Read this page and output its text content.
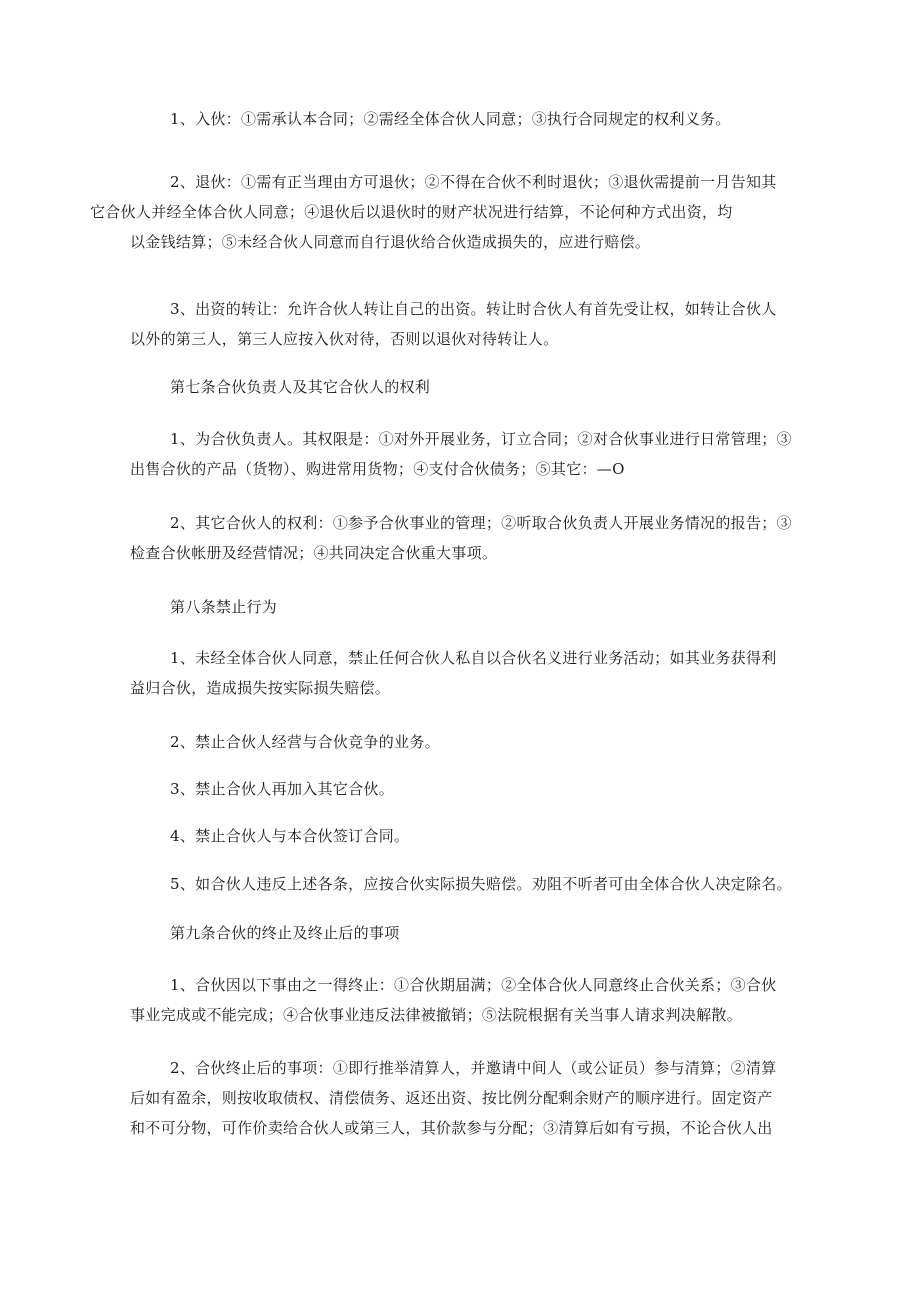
1、入伙：①需承认本合同；②需经全体合伙人同意；③执行合同规定的权利义务。

2、退伙：①需有正当理由方可退伙；②不得在合伙不利时退伙；③退伙需提前一月告知其
它合伙人并经全体合伙人同意；④退伙后以退伙时的财产状况进行结算，不论何种方式出资，均
以金钱结算；⑤未经合伙人同意而自行退伙给合伙造成损失的，应进行赔偿。

3、出资的转让：允许合伙人转让自己的出资。转让时合伙人有首先受让权，如转让合伙人
以外的第三人，第三人应按入伙对待，否则以退伙对待转让人。

第七条合伙负责人及其它合伙人的权利

1、为合伙负责人。其权限是：①对外开展业务，订立合同；②对合伙事业进行日常管理；③
出售合伙的产品（货物）、购进常用货物；④支付合伙债务；⑤其它：—O

2、其它合伙人的权利：①参予合伙事业的管理；②听取合伙负责人开展业务情况的报告；③
检查合伙帐册及经营情况；④共同决定合伙重大事项。

第八条禁止行为

1、未经全体合伙人同意，禁止任何合伙人私自以合伙名义进行业务活动；如其业务获得利
益归合伙，造成损失按实际损失赔偿。

2、禁止合伙人经营与合伙竞争的业务。

3、禁止合伙人再加入其它合伙。

4、禁止合伙人与本合伙签订合同。

5、如合伙人违反上述各条，应按合伙实际损失赔偿。劝阻不听者可由全体合伙人决定除名。

第九条合伙的终止及终止后的事项

1、合伙因以下事由之一得终止：①合伙期届满；②全体合伙人同意终止合伙关系；③合伙
事业完成或不能完成；④合伙事业违反法律被撤销；⑤法院根据有关当事人请求判决解散。

2、合伙终止后的事项：①即行推举清算人，并邀请中间人（或公证员）参与清算；②清算
后如有盈余，则按收取债权、清偿债务、返还出资、按比例分配剩余财产的顺序进行。固定资产
和不可分物，可作价卖给合伙人或第三人，其价款参与分配；③清算后如有亏损，不论合伙人出
